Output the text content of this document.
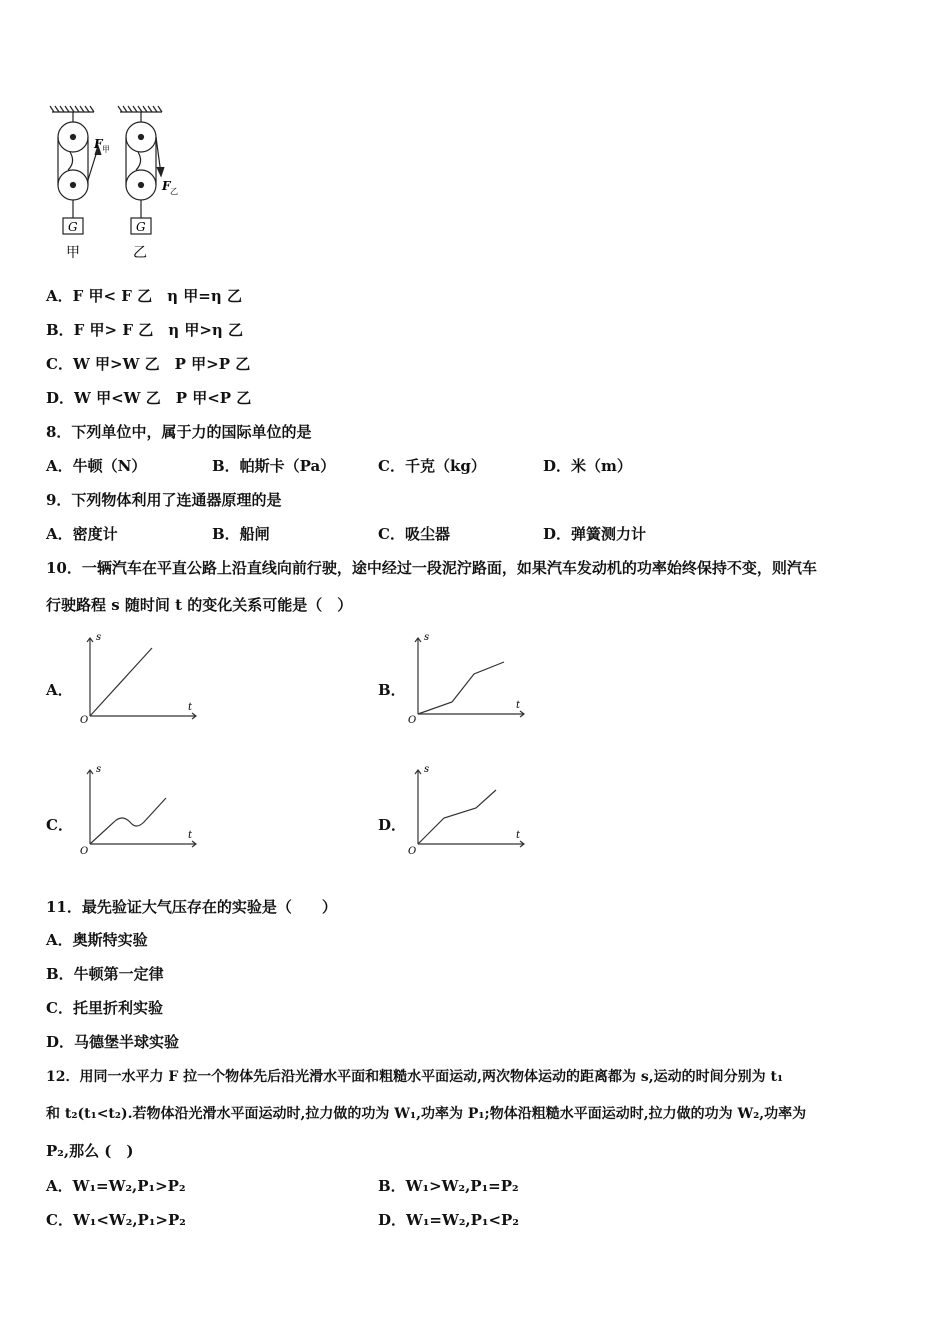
G	G
F 甲
F 乙
甲	乙
A．F 甲< F 乙　η 甲=η 乙
B．F 甲> F 乙　η 甲>η 乙
C．W 甲>W 乙　P 甲>P 乙
D．W 甲<W 乙　P 甲<P 乙
8．下列单位中，属于力的国际单位的是
A．牛顿（N）	B．帕斯卡（Pa）	C．千克（kg）	D．米（m）
9．下列物体利用了连通器原理的是
A．密度计	B．船闸	C．吸尘器	D．弹簧测力计
10．一辆汽车在平直公路上沿直线向前行驶，途中经过一段泥泞路面，如果汽车发动机的功率始终保持不变，则汽车
行驶路程 s 随时间 t 的变化关系可能是（　）
A．
s
t
O
B．
s
t
O
C．
s
t
O
D．
s
t
O
11．最先验证大气压存在的实验是（　　）
A．奥斯特实验
B．牛顿第一定律
C．托里折利实验
D．马德堡半球实验
12．用同一水平力 F 拉一个物体先后沿光滑水平面和粗糙水平面运动,两次物体运动的距离都为 s,运动的时间分别为 t₁
和 t₂(t₁<t₂).若物体沿光滑水平面运动时,拉力做的功为 W₁,功率为 P₁;物体沿粗糙水平面运动时,拉力做的功为 W₂,功率为
P₂,那么 (　)
A．W₁=W₂,P₁>P₂	B．W₁>W₂,P₁=P₂
C．W₁<W₂,P₁>P₂	D．W₁=W₂,P₁<P₂
